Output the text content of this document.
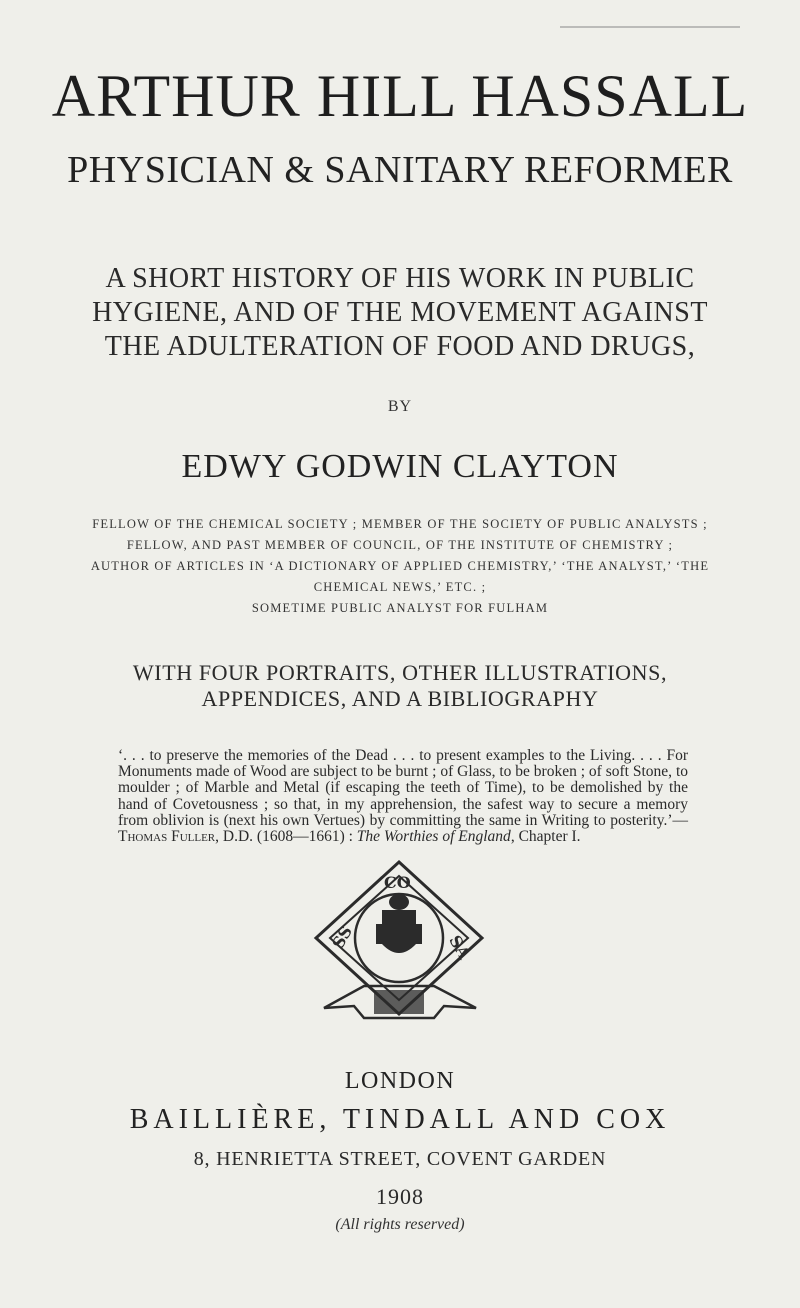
ARTHUR HILL HASSALL
PHYSICIAN & SANITARY REFORMER
A SHORT HISTORY OF HIS WORK IN PUBLIC
HYGIENE, AND OF THE MOVEMENT AGAINST
THE ADULTERATION OF FOOD AND DRUGS,
BY
EDWY GODWIN CLAYTON
FELLOW OF THE CHEMICAL SOCIETY ; MEMBER OF THE SOCIETY OF PUBLIC ANALYSTS ;
FELLOW, AND PAST MEMBER OF COUNCIL, OF THE INSTITUTE OF CHEMISTRY ;
AUTHOR OF ARTICLES IN ‘A DICTIONARY OF APPLIED CHEMISTRY,’ ‘THE ANALYST,’ ‘THE
CHEMICAL NEWS,’ ETC. ;
SOMETIME PUBLIC ANALYST FOR FULHAM
WITH FOUR PORTRAITS, OTHER ILLUSTRATIONS,
APPENDICES, AND A BIBLIOGRAPHY
‘. . . to preserve the memories of the Dead . . . to present examples to the Living. . . . For Monuments made of Wood are subject to be burnt ; of Glass, to be broken ; of soft Stone, to moulder ; of Marble and Metal (if escaping the teeth of Time), to be demolished by the hand of Covetousness ; so that, in my apprehension, the safest way to secure a memory from oblivion is (next his own Vertues) by committing the same in Writing to posterity.’— Thomas Fuller, D.D. (1608—1661) : The Worthies of England, Chapter I.
CO
SS	SA
LONDON
BAILLIÈRE, TINDALL AND COX
8, HENRIETTA STREET, COVENT GARDEN
1908
(All rights reserved)
